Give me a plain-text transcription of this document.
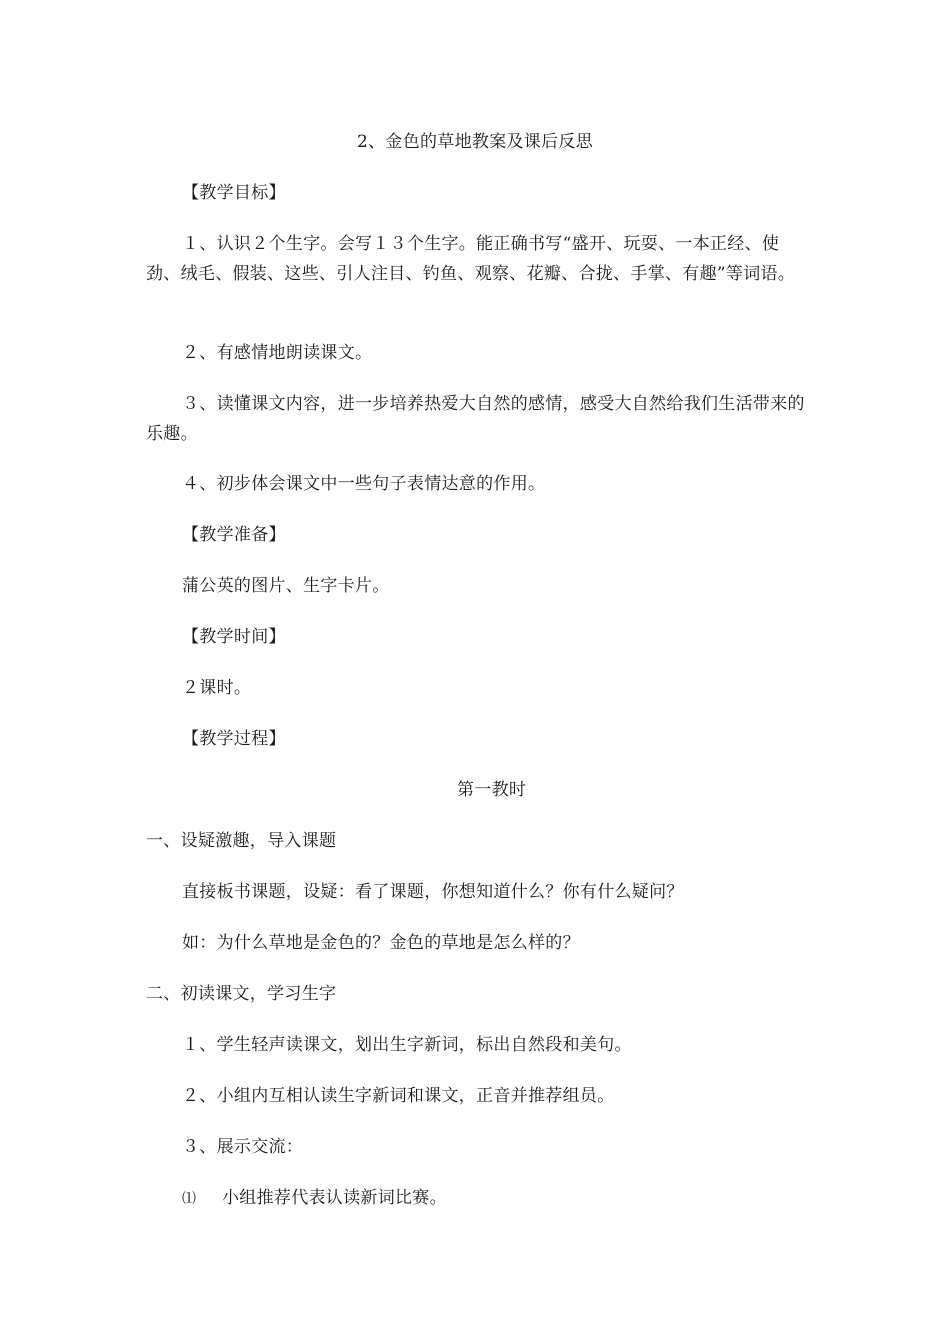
2、金色的草地教案及课后反思
【教学目标】
１、认识２个生字。会写１３个生字。能正确书写“盛开、玩耍、一本正经、使劲、绒毛、假装、这些、引人注目、钓鱼、观察、花瓣、合拢、手掌、有趣”等词语。
２、有感情地朗读课文。
３、读懂课文内容，进一步培养热爱大自然的感情，感受大自然给我们生活带来的乐趣。
４、初步体会课文中一些句子表情达意的作用。
【教学准备】
蒲公英的图片、生字卡片。
【教学时间】
２课时。
【教学过程】
第一教时
一、设疑激趣，导入课题
直接板书课题，设疑：看了课题，你想知道什么？你有什么疑问？
如：为什么草地是金色的？金色的草地是怎么样的？
二、初读课文，学习生字
１、学生轻声读课文，划出生字新词，标出自然段和美句。
２、小组内互相认读生字新词和课文，正音并推荐组员。
３、展示交流：
⑴ 小组推荐代表认读新词比赛。
